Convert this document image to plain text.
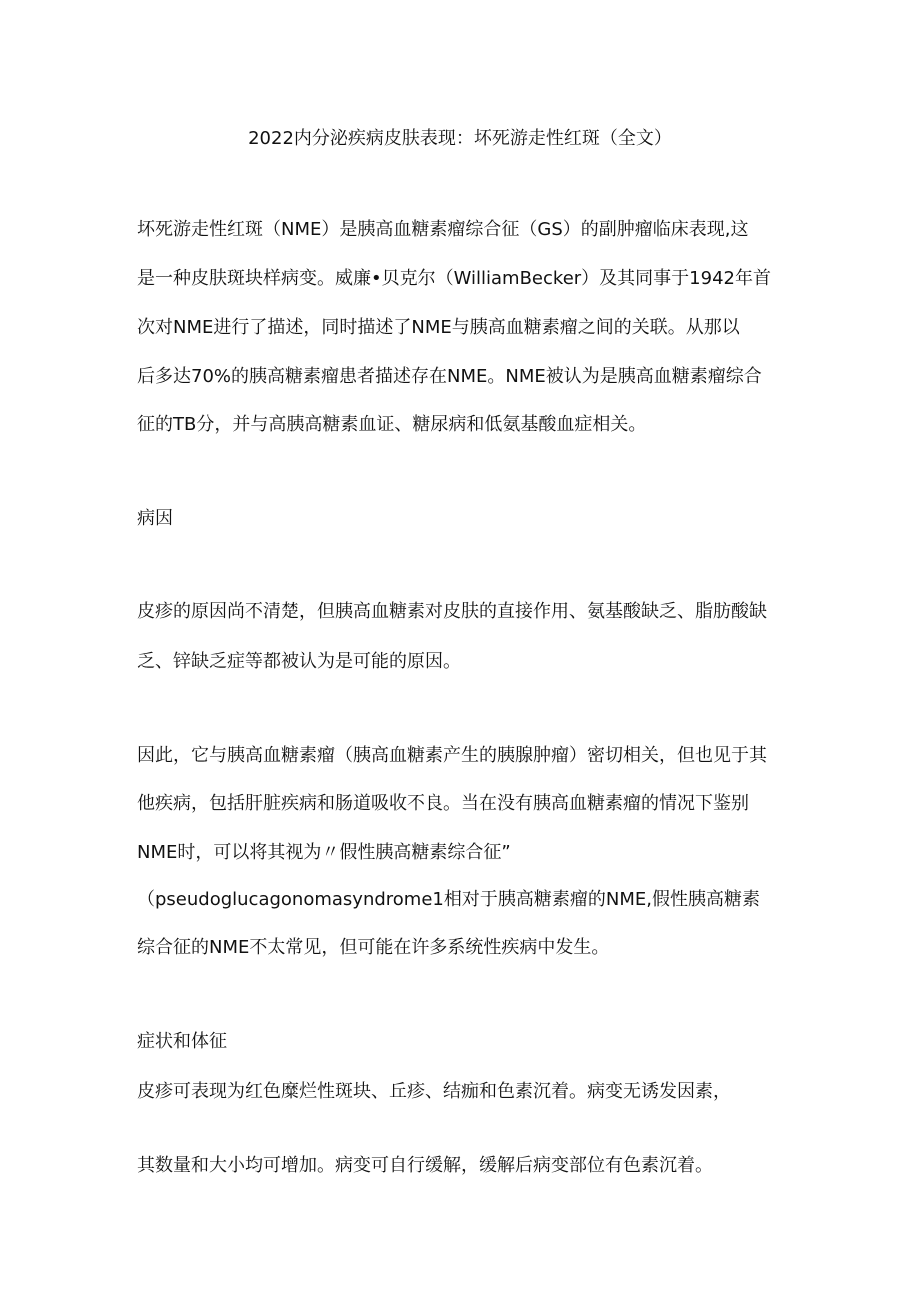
2022内分泌疾病皮肤表现：坏死游走性红斑（全文）
坏死游走性红斑（NME）是胰高血糖素瘤综合征（GS）的副肿瘤临床表现,这
是一种皮肤斑块样病变。威廉•贝克尔（WilliamBecker）及其同事于1942年首
次对NME进行了描述，同时描述了NME与胰高血糖素瘤之间的关联。从那以
后多达70%的胰高糖素瘤患者描述存在NME。NME被认为是胰高血糖素瘤综合
征的TB分，并与高胰高糖素血证、糖尿病和低氨基酸血症相关。
病因
皮疹的原因尚不清楚，但胰高血糖素对皮肤的直接作用、氨基酸缺乏、脂肪酸缺
乏、锌缺乏症等都被认为是可能的原因。
因此，它与胰高血糖素瘤（胰高血糖素产生的胰腺肿瘤）密切相关，但也见于其
他疾病，包括肝脏疾病和肠道吸收不良。当在没有胰高血糖素瘤的情况下鉴别
NME时，可以将其视为〃假性胰高糖素综合征”
（pseudoglucagonomasyndrome1相对于胰高糖素瘤的NME,假性胰高糖素
综合征的NME不太常见，但可能在许多系统性疾病中发生。
症状和体征
皮疹可表现为红色糜烂性斑块、丘疹、结痂和色素沉着。病变无诱发因素，
其数量和大小均可增加。病变可自行缓解，缓解后病变部位有色素沉着。
